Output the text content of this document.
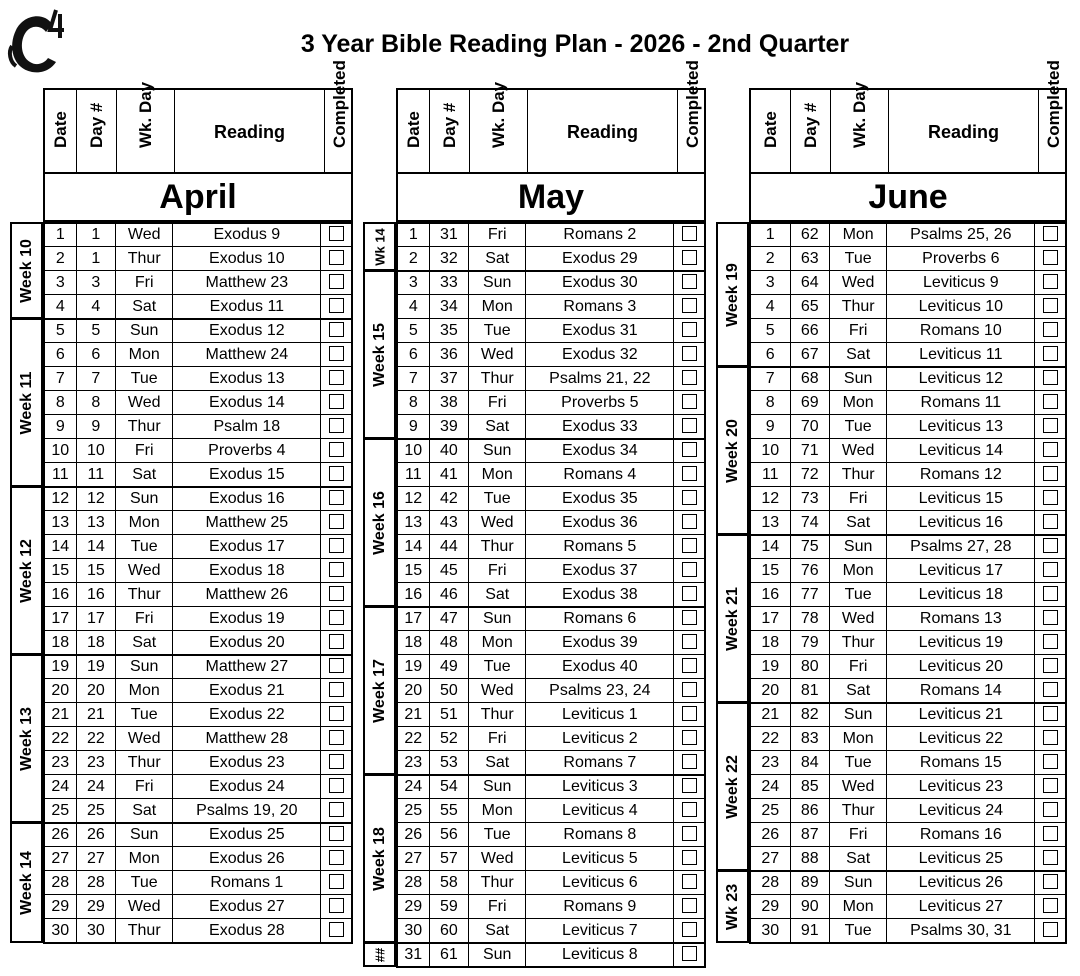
3 Year Bible Reading Plan - 2026 - 2nd Quarter
Date Day # Wk. Day	Reading	Completed
April
Week 10
Week 11
Week 12
Week 13
Week 14
1	1	Wed	Exodus 9
2	1	Thur	Exodus 10
3	3	Fri	Matthew 23
4	4	Sat	Exodus 11
5	5	Sun	Exodus 12
6	6	Mon	Matthew 24
7	7	Tue	Exodus 13
8	8	Wed	Exodus 14
9	9	Thur	Psalm 18
10	10	Fri	Proverbs 4
11	11	Sat	Exodus 15
12	12	Sun	Exodus 16
13	13	Mon	Matthew 25
14	14	Tue	Exodus 17
15	15	Wed	Exodus 18
16	16	Thur	Matthew 26
17	17	Fri	Exodus 19
18	18	Sat	Exodus 20
19	19	Sun	Matthew 27
20	20	Mon	Exodus 21
21	21	Tue	Exodus 22
22	22	Wed	Matthew 28
23	23	Thur	Exodus 23
24	24	Fri	Exodus 24
25	25	Sat	Psalms 19, 20
26	26	Sun	Exodus 25
27	27	Mon	Exodus 26
28	28	Tue	Romans 1
29	29	Wed	Exodus 27
30	30	Thur	Exodus 28
Date Day # Wk. Day	Reading	Completed
May
Wk 14
Week 15
Week 16
Week 17
Week 18
##
1	31	Fri	Romans 2
2	32	Sat	Exodus 29
3	33	Sun	Exodus 30
4	34	Mon	Romans 3
5	35	Tue	Exodus 31
6	36	Wed	Exodus 32
7	37	Thur	Psalms 21, 22
8	38	Fri	Proverbs 5
9	39	Sat	Exodus 33
10	40	Sun	Exodus 34
11	41	Mon	Romans 4
12	42	Tue	Exodus 35
13	43	Wed	Exodus 36
14	44	Thur	Romans 5
15	45	Fri	Exodus 37
16	46	Sat	Exodus 38
17	47	Sun	Romans 6
18	48	Mon	Exodus 39
19	49	Tue	Exodus 40
20	50	Wed	Psalms 23, 24
21	51	Thur	Leviticus 1
22	52	Fri	Leviticus 2
23	53	Sat	Romans 7
24	54	Sun	Leviticus 3
25	55	Mon	Leviticus 4
26	56	Tue	Romans 8
27	57	Wed	Leviticus 5
28	58	Thur	Leviticus 6
29	59	Fri	Romans 9
30	60	Sat	Leviticus 7
31	61	Sun	Leviticus 8
Date Day # Wk. Day	Reading	Completed
June
Week 19
Week 20
Week 21
Week 22
Wk 23
1	62	Mon	Psalms 25, 26
2	63	Tue	Proverbs 6
3	64	Wed	Leviticus 9
4	65	Thur	Leviticus 10
5	66	Fri	Romans 10
6	67	Sat	Leviticus 11
7	68	Sun	Leviticus 12
8	69	Mon	Romans 11
9	70	Tue	Leviticus 13
10	71	Wed	Leviticus 14
11	72	Thur	Romans 12
12	73	Fri	Leviticus 15
13	74	Sat	Leviticus 16
14	75	Sun	Psalms 27, 28
15	76	Mon	Leviticus 17
16	77	Tue	Leviticus 18
17	78	Wed	Romans 13
18	79	Thur	Leviticus 19
19	80	Fri	Leviticus 20
20	81	Sat	Romans 14
21	82	Sun	Leviticus 21
22	83	Mon	Leviticus 22
23	84	Tue	Romans 15
24	85	Wed	Leviticus 23
25	86	Thur	Leviticus 24
26	87	Fri	Romans 16
27	88	Sat	Leviticus 25
28	89	Sun	Leviticus 26
29	90	Mon	Leviticus 27
30	91	Tue	Psalms 30, 31
